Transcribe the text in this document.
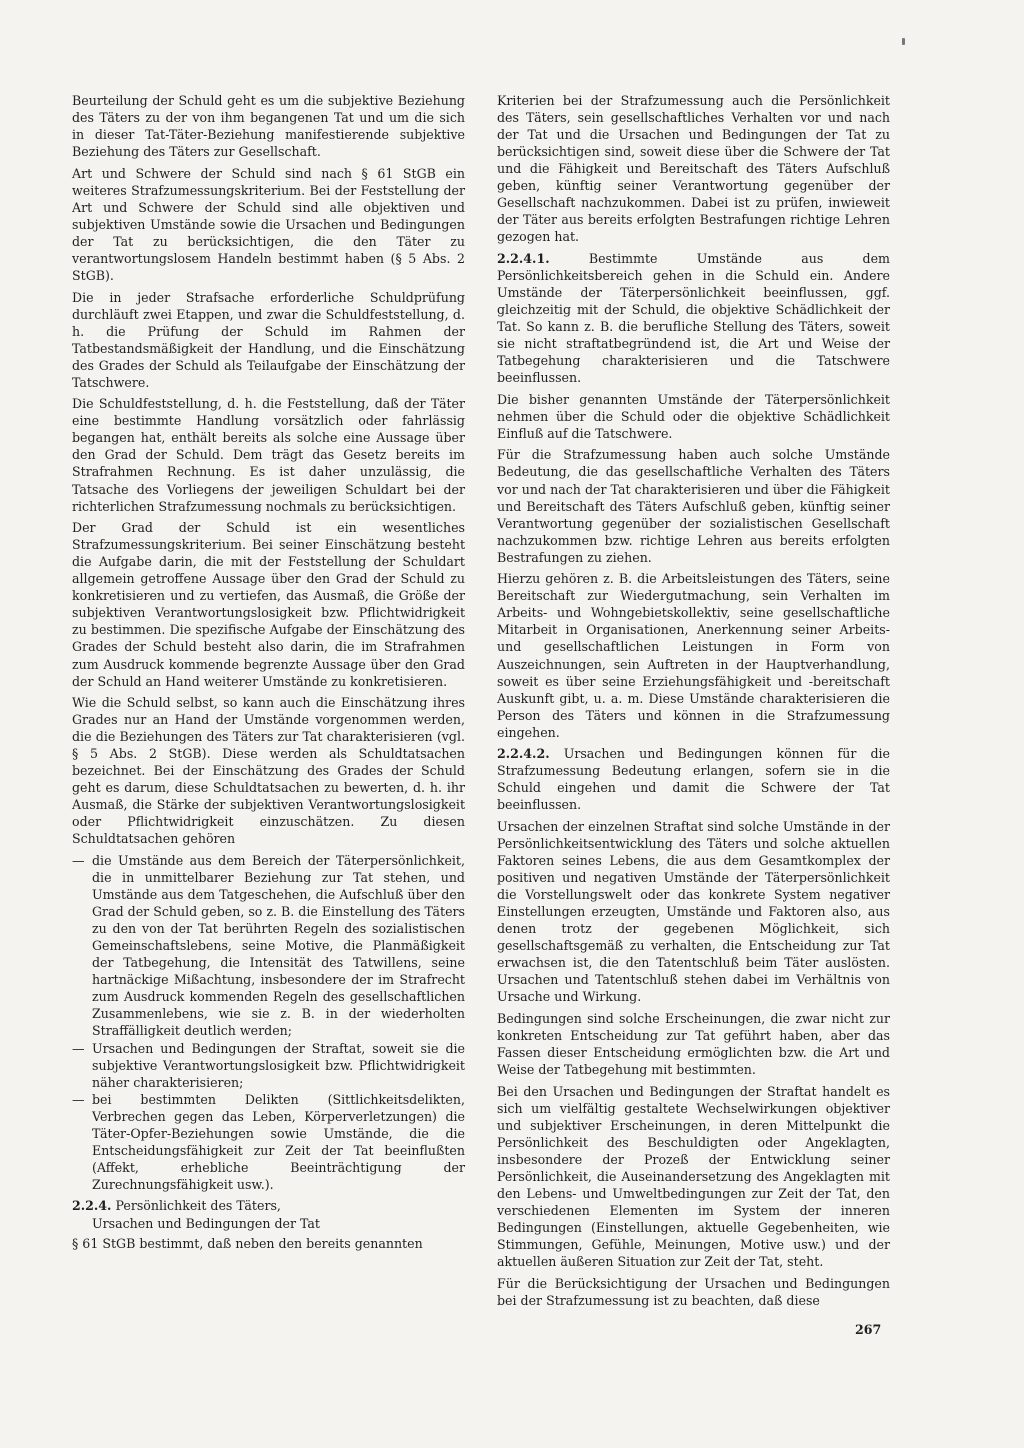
Beurteilung der Schuld geht es um die subjektive Beziehung des Täters zu der von ihm begangenen Tat und um die sich in dieser Tat-Täter-Beziehung manifestierende subjektive Beziehung des Täters zur Gesellschaft.

Art und Schwere der Schuld sind nach § 61 StGB ein weiteres Strafzumessungskriterium. Bei der Feststellung der Art und Schwere der Schuld sind alle objektiven und subjektiven Umstände sowie die Ursachen und Bedingungen der Tat zu berücksichtigen, die den Täter zu verantwortungslosem Handeln bestimmt haben (§ 5 Abs. 2 StGB).

Die in jeder Strafsache erforderliche Schuldprüfung durchläuft zwei Etappen, und zwar die Schuldfeststellung, d. h. die Prüfung der Schuld im Rahmen der Tatbestandsmäßigkeit der Handlung, und die Einschätzung des Grades der Schuld als Teilaufgabe der Einschätzung der Tatschwere.

Die Schuldfeststellung, d. h. die Feststellung, daß der Täter eine bestimmte Handlung vorsätzlich oder fahrlässig begangen hat, enthält bereits als solche eine Aussage über den Grad der Schuld. Dem trägt das Gesetz bereits im Strafrahmen Rechnung. Es ist daher unzulässig, die Tatsache des Vorliegens der jeweiligen Schuldart bei der richterlichen Strafzumessung nochmals zu berücksichtigen.

Der Grad der Schuld ist ein wesentliches Strafzumessungskriterium. Bei seiner Einschätzung besteht die Aufgabe darin, die mit der Feststellung der Schuldart allgemein getroffene Aussage über den Grad der Schuld zu konkretisieren und zu vertiefen, das Ausmaß, die Größe der subjektiven Verantwortungslosigkeit bzw. Pflichtwidrigkeit zu bestimmen. Die spezifische Aufgabe der Einschätzung des Grades der Schuld besteht also darin, die im Strafrahmen zum Ausdruck kommende begrenzte Aussage über den Grad der Schuld an Hand weiterer Umstände zu konkretisieren.

Wie die Schuld selbst, so kann auch die Einschätzung ihres Grades nur an Hand der Umstände vorgenommen werden, die die Beziehungen des Täters zur Tat charakterisieren (vgl. § 5 Abs. 2 StGB). Diese werden als Schuldtatsachen bezeichnet. Bei der Einschätzung des Grades der Schuld geht es darum, diese Schuldtatsachen zu bewerten, d. h. ihr Ausmaß, die Stärke der subjektiven Verantwortungslosigkeit oder Pflichtwidrigkeit einzuschätzen. Zu diesen Schuldtatsachen gehören

— die Umstände aus dem Bereich der Täterpersönlichkeit, die in unmittelbarer Beziehung zur Tat stehen, und Umstände aus dem Tatgeschehen, die Aufschluß über den Grad der Schuld geben, so z. B. die Einstellung des Täters zu den von der Tat berührten Regeln des sozialistischen Gemeinschaftslebens, seine Motive, die Planmäßigkeit der Tatbegehung, die Intensität des Tatwillens, seine hartnäckige Mißachtung, insbesondere der im Strafrecht zum Ausdruck kommenden Regeln des gesellschaftlichen Zusammenlebens, wie sie z. B. in der wiederholten Straffälligkeit deutlich werden;
— Ursachen und Bedingungen der Straftat, soweit sie die subjektive Verantwortungslosigkeit bzw. Pflichtwidrigkeit näher charakterisieren;
— bei bestimmten Delikten (Sittlichkeitsdelikten, Verbrechen gegen das Leben, Körperverletzungen) die Täter-Opfer-Beziehungen sowie Umstände, die die Entscheidungsfähigkeit zur Zeit der Tat beeinflußten (Affekt, erhebliche Beeinträchtigung der Zurechnungsfähigkeit usw.).
2.2.4. Persönlichkeit des Täters,
Ursachen und Bedingungen der Tat

§ 61 StGB bestimmt, daß neben den bereits genannten

Kriterien bei der Strafzumessung auch die Persönlichkeit des Täters, sein gesellschaftliches Verhalten vor und nach der Tat und die Ursachen und Bedingungen der Tat zu berücksichtigen sind, soweit diese über die Schwere der Tat und die Fähigkeit und Bereitschaft des Täters Aufschluß geben, künftig seiner Verantwortung gegenüber der Gesellschaft nachzukommen. Dabei ist zu prüfen, inwieweit der Täter aus bereits erfolgten Bestrafungen richtige Lehren gezogen hat.

2.2.4.1.	Bestimmte Umstände aus dem Persönlichkeitsbereich gehen in die Schuld ein. Andere Umstände der Täterpersönlichkeit beeinflussen, ggf. gleichzeitig mit der Schuld, die objektive Schädlichkeit der Tat. So kann z. B. die berufliche Stellung des Täters, soweit sie nicht straftatbegründend ist, die Art und Weise der Tatbegehung charakterisieren und die Tatschwere beeinflussen.

Die bisher genannten Umstände der Täterpersönlichkeit nehmen über die Schuld oder die objektive Schädlichkeit Einfluß auf die Tatschwere.

Für die Strafzumessung haben auch solche Umstände Bedeutung, die das gesellschaftliche Verhalten des Täters vor und nach der Tat charakterisieren und über die Fähigkeit und Bereitschaft des Täters Aufschluß geben, künftig seiner Verantwortung gegenüber der sozialistischen Gesellschaft nachzukommen bzw. richtige Lehren aus bereits erfolgten Bestrafungen zu ziehen.

Hierzu gehören z. B. die Arbeitsleistungen des Täters, seine Bereitschaft zur Wiedergutmachung, sein Verhalten im Arbeits- und Wohngebietskollektiv, seine gesellschaftliche Mitarbeit in Organisationen, Anerkennung seiner Arbeits- und gesellschaftlichen Leistungen in Form von Auszeichnungen, sein Auftreten in der Hauptverhandlung, soweit es über seine Erziehungsfähigkeit und -bereitschaft Auskunft gibt, u. a. m. Diese Umstände charakterisieren die Person des Täters und können in die Strafzumessung eingehen.

2.2.4.2. Ursachen und Bedingungen können für die Strafzumessung Bedeutung erlangen, sofern sie in die Schuld eingehen und damit die Schwere der Tat beeinflussen.

Ursachen der einzelnen Straftat sind solche Umstände in der Persönlichkeitsentwicklung des Täters und solche aktuellen Faktoren seines Lebens, die aus dem Gesamtkomplex der positiven und negativen Umstände der Täterpersönlichkeit die Vorstellungswelt oder das konkrete System negativer Einstellungen erzeugten, Umstände und Faktoren also, aus denen trotz der gegebenen Möglichkeit, sich gesellschaftsgemäß zu verhalten, die Entscheidung zur Tat erwachsen ist, die den Tatentschluß beim Täter auslösten. Ursachen und Tatentschluß stehen dabei im Verhältnis von Ursache und Wirkung.

Bedingungen sind solche Erscheinungen, die zwar nicht zur konkreten Entscheidung zur Tat geführt haben, aber das Fassen dieser Entscheidung ermöglichten bzw. die Art und Weise der Tatbegehung mit bestimmten.

Bei den Ursachen und Bedingungen der Straftat handelt es sich um vielfältig gestaltete Wechselwirkungen objektiver und subjektiver Erscheinungen, in deren Mittelpunkt die Persönlichkeit des Beschuldigten oder Angeklagten, insbesondere der Prozeß der Entwicklung seiner Persönlichkeit, die Auseinandersetzung des Angeklagten mit den Lebens- und Umweltbedingungen zur Zeit der Tat, den verschiedenen Elementen im System der inneren Bedingungen (Einstellungen, aktuelle Gegebenheiten, wie Stimmungen, Gefühle, Meinungen, Motive usw.) und der aktuellen äußeren Situation zur Zeit der Tat, steht.

Für die Berücksichtigung der Ursachen und Bedingungen bei der Strafzumessung ist zu beachten, daß diese

267
